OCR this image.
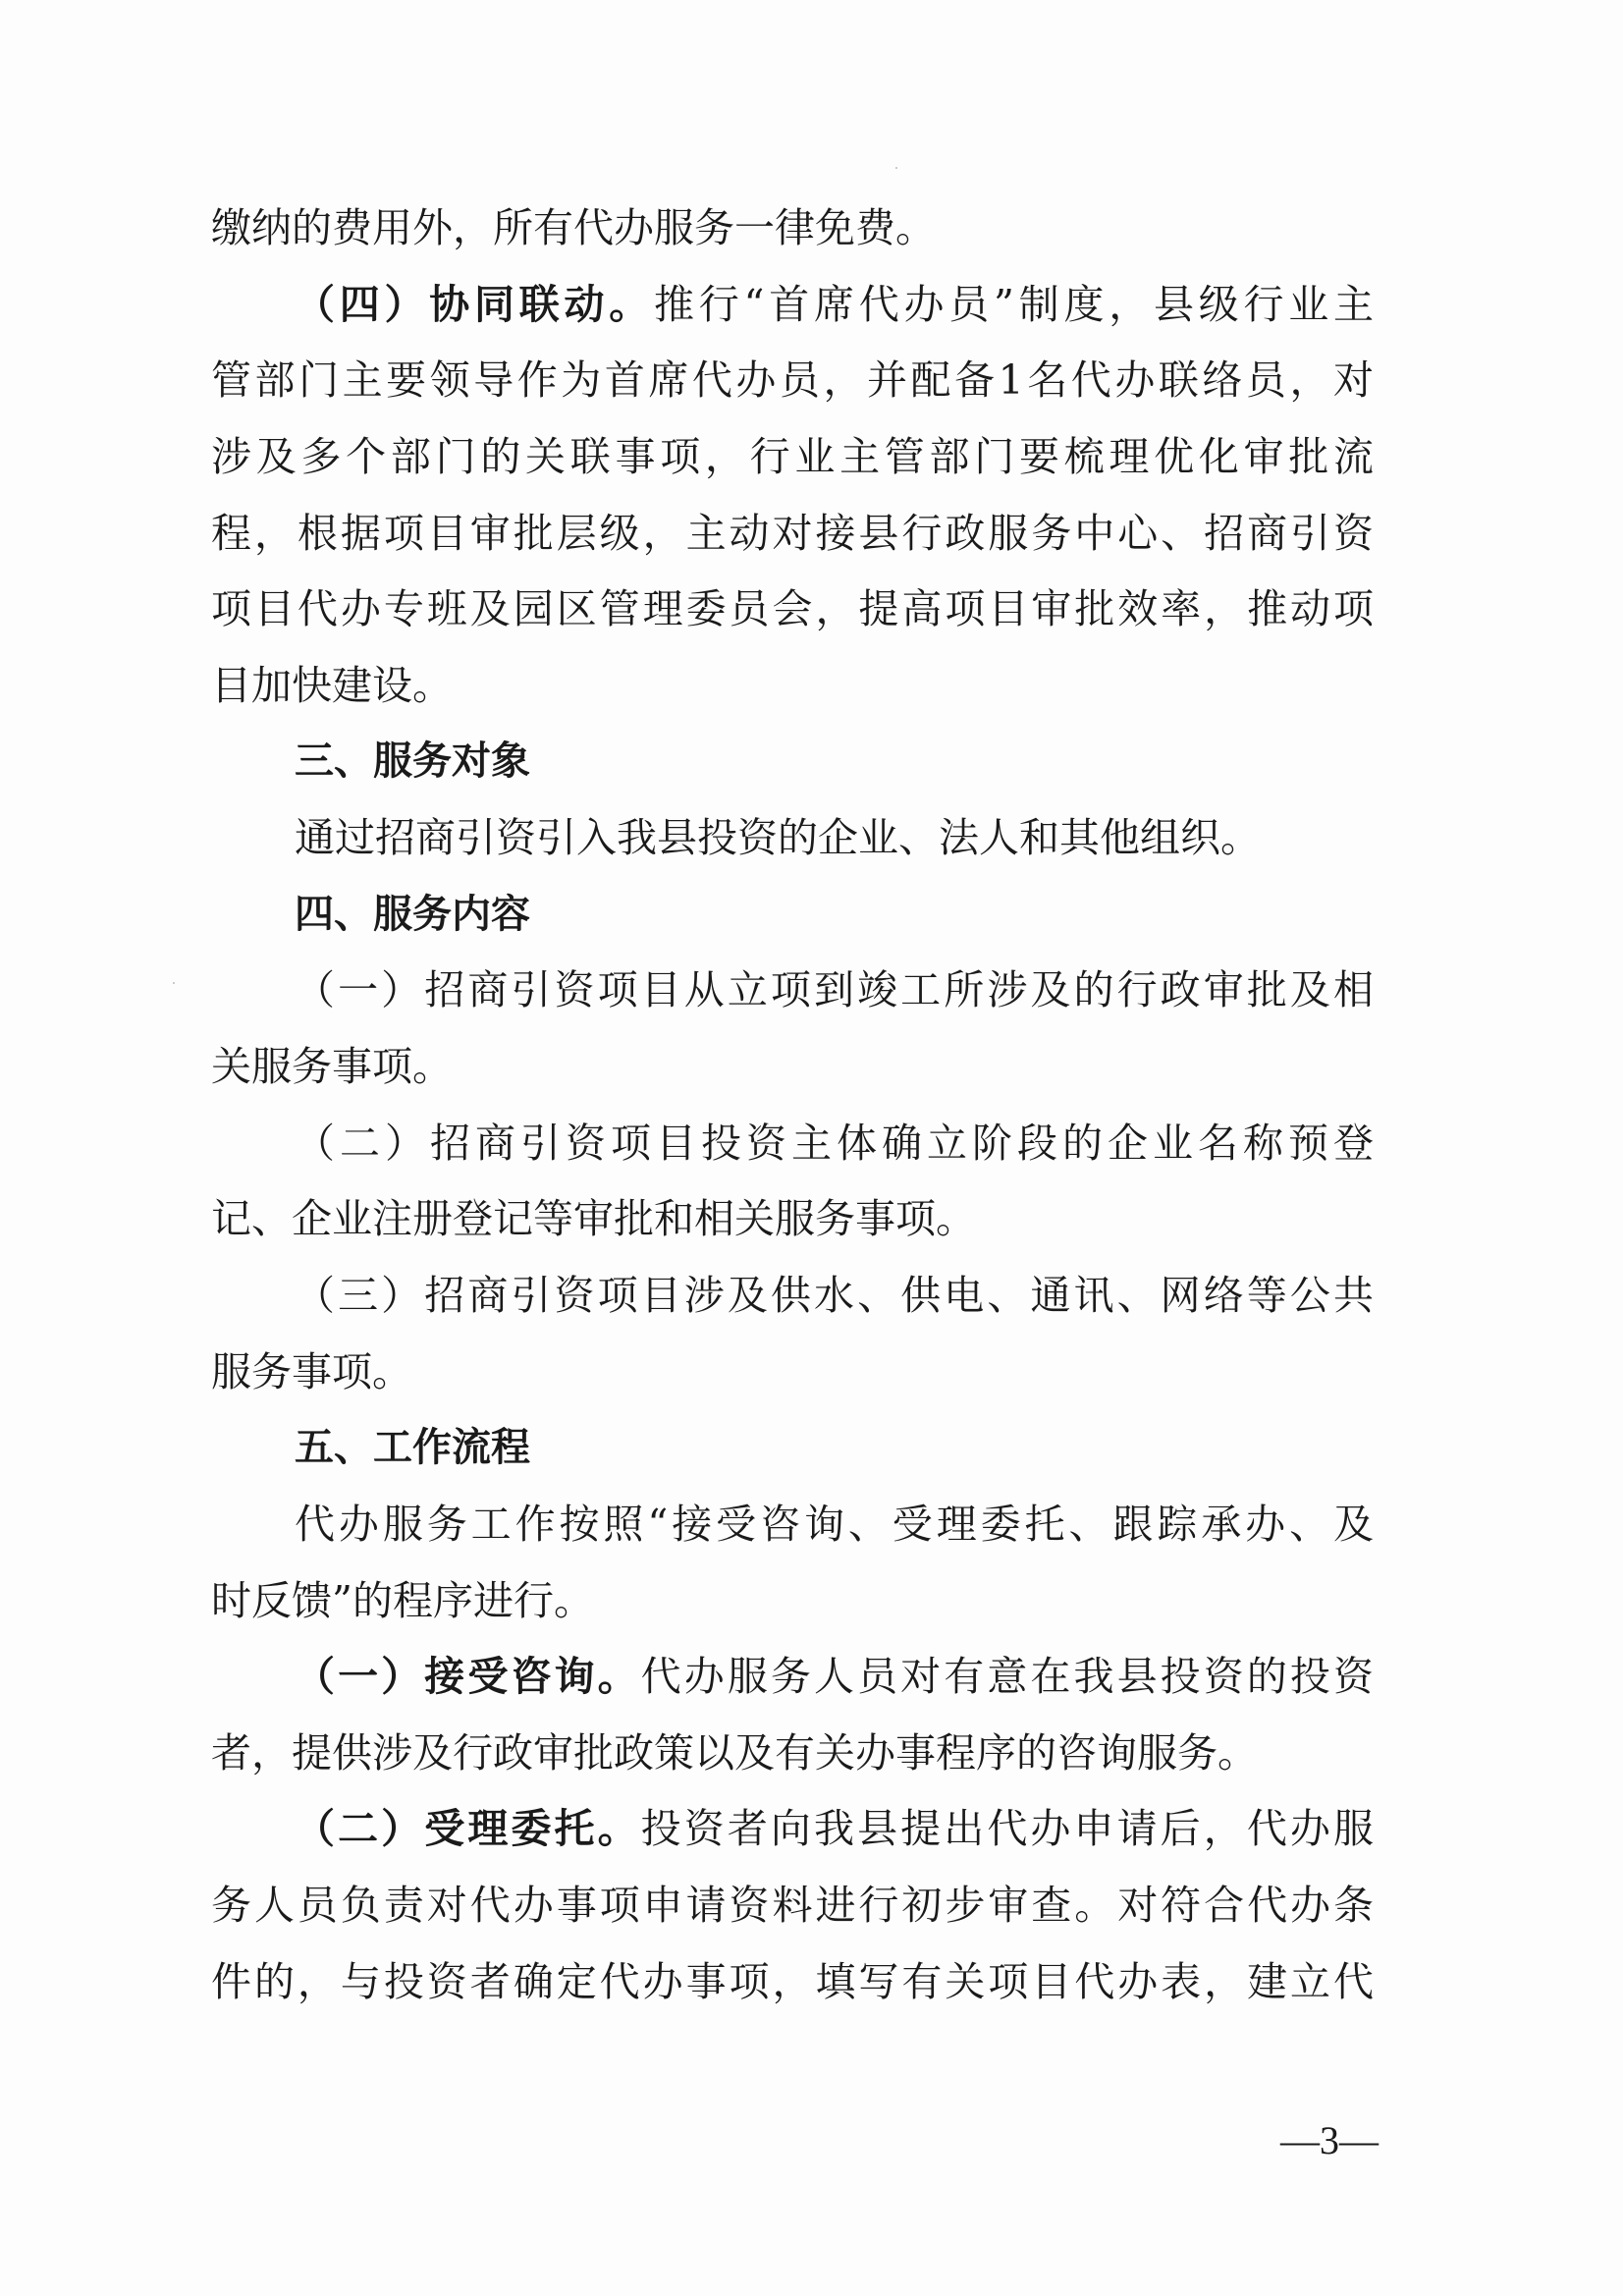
缴纳的费用外，所有代办服务一律免费。
（四）协同联动。推行“首席代办员”制度，县级行业主
管部门主要领导作为首席代办员，并配备1名代办联络员，对
涉及多个部门的关联事项，行业主管部门要梳理优化审批流
程，根据项目审批层级，主动对接县行政服务中心、招商引资
项目代办专班及园区管理委员会，提高项目审批效率，推动项
目加快建设。
三、服务对象
通过招商引资引入我县投资的企业、法人和其他组织。
四、服务内容
（一）招商引资项目从立项到竣工所涉及的行政审批及相
关服务事项。
（二）招商引资项目投资主体确立阶段的企业名称预登
记、企业注册登记等审批和相关服务事项。
（三）招商引资项目涉及供水、供电、通讯、网络等公共
服务事项。
五、工作流程
代办服务工作按照“接受咨询、受理委托、跟踪承办、及
时反馈”的程序进行。
（一）接受咨询。代办服务人员对有意在我县投资的投资
者，提供涉及行政审批政策以及有关办事程序的咨询服务。
（二）受理委托。投资者向我县提出代办申请后，代办服
务人员负责对代办事项申请资料进行初步审查。对符合代办条
件的，与投资者确定代办事项，填写有关项目代办表，建立代
—3—
